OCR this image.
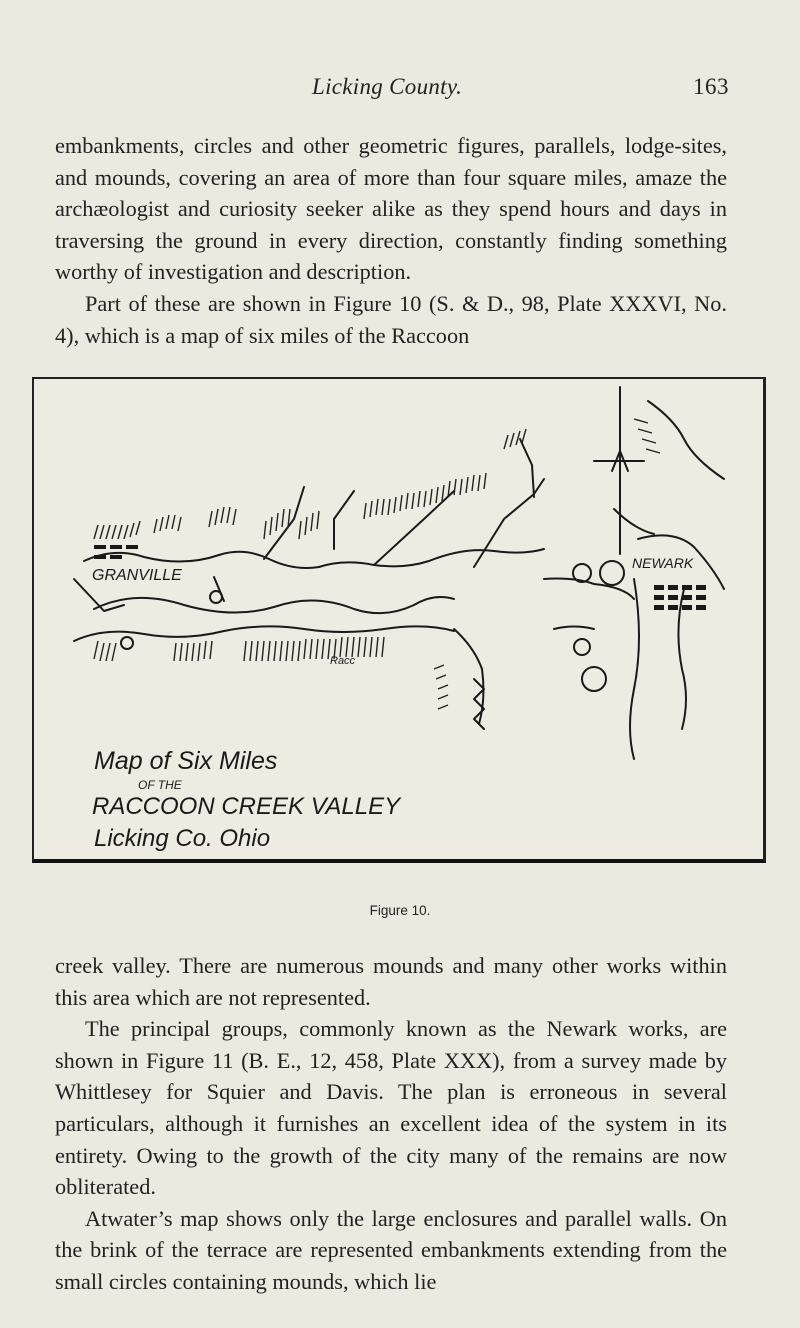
Licking County.	163

embankments, circles and other geometric figures, parallels, lodge-sites, and mounds, covering an area of more than four square miles, amaze the archæologist and curiosity seeker alike as they spend hours and days in traversing the ground in every direction, constantly finding something worthy of investigation and description.

Part of these are shown in Figure 10 (S. & D., 98, Plate XXXVI, No. 4), which is a map of six miles of the Raccoon

GRANVILLE
NEWARK
Racc
Map of Six Miles
OF THE
RACCOON CREEK VALLEY
Licking Co. Ohio
Figure 10.

creek valley. There are numerous mounds and many other works within this area which are not represented.

The principal groups, commonly known as the Newark works, are shown in Figure 11 (B. E., 12, 458, Plate XXX), from a survey made by Whittlesey for Squier and Davis. The plan is erroneous in several particulars, although it furnishes an excellent idea of the system in its entirety. Owing to the growth of the city many of the remains are now obliterated.

Atwater’s map shows only the large enclosures and parallel walls. On the brink of the terrace are represented embankments extending from the small circles containing mounds, which lie
